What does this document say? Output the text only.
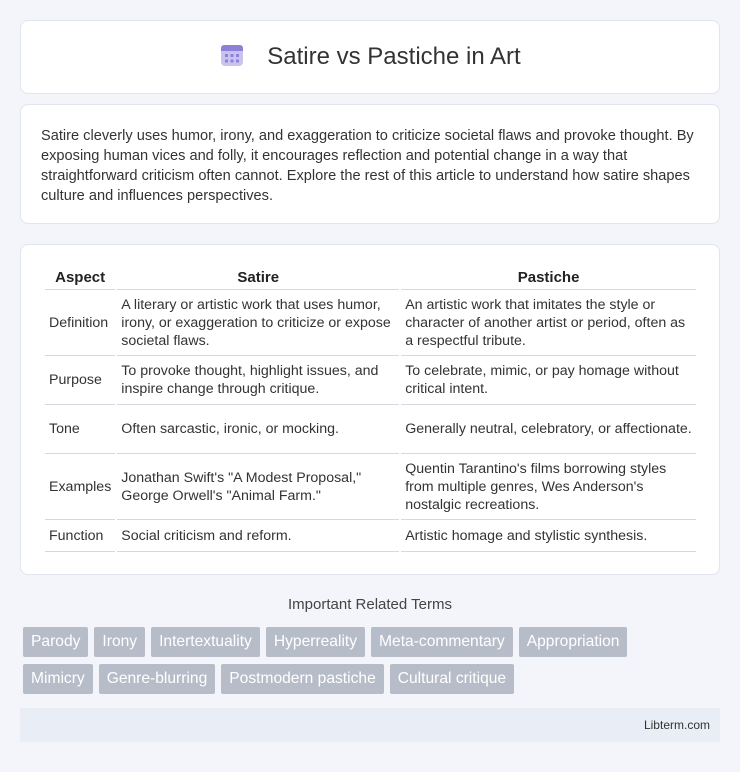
Satire vs Pastiche in Art

Satire cleverly uses humor, irony, and exaggeration to criticize societal flaws and provoke thought. By exposing human vices and folly, it encourages reflection and potential change in a way that straightforward criticism often cannot. Explore the rest of this article to understand how satire shapes culture and influences perspectives.

Aspect	Satire	Pastiche
Definition	A literary or artistic work that uses humor, irony, or exaggeration to criticize or expose societal flaws.	An artistic work that imitates the style or character of another artist or period, often as a respectful tribute.
Purpose	To provoke thought, highlight issues, and inspire change through critique.	To celebrate, mimic, or pay homage without critical intent.
Tone	Often sarcastic, ironic, or mocking.	Generally neutral, celebratory, or affectionate.
Examples	Jonathan Swift's "A Modest Proposal," George Orwell's "Animal Farm."	Quentin Tarantino's films borrowing styles from multiple genres, Wes Anderson's nostalgic recreations.
Function	Social criticism and reform.	Artistic homage and stylistic synthesis.
Important Related Terms
Parody	Irony	Intertextuality	Hyperreality	Meta-commentary	Appropriation
Mimicry	Genre-blurring	Postmodern pastiche	Cultural critique
Libterm.com
